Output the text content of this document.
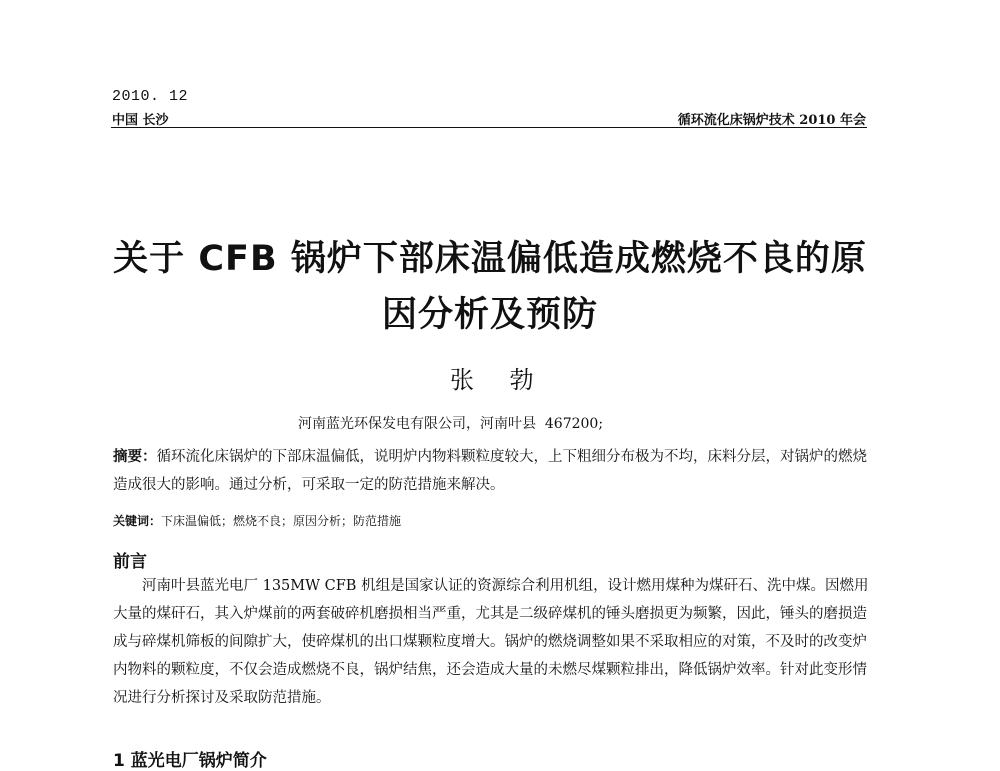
2010. 12
中国 长沙	循环流化床锅炉技术 2010 年会
关于 CFB 锅炉下部床温偏低造成燃烧不良的原
因分析及预防
张 勃
河南蓝光环保发电有限公司，河南叶县  467200;
摘要：循环流化床锅炉的下部床温偏低，说明炉内物料颗粒度较大，上下粗细分布极为不均，床料分层，对锅炉的燃烧造成很大的影响。通过分析，可采取一定的防范措施来解决。
关键词：下床温偏低；燃烧不良；原因分析；防范措施
前言
河南叶县蓝光电厂 135MW CFB 机组是国家认证的资源综合利用机组，设计燃用煤种为煤矸石、洗中煤。因燃用大量的煤矸石，其入炉煤前的两套破碎机磨损相当严重，尤其是二级碎煤机的锤头磨损更为频繁，因此，锤头的磨损造成与碎煤机筛板的间隙扩大，使碎煤机的出口煤颗粒度增大。锅炉的燃烧调整如果不采取相应的对策，不及时的改变炉内物料的颗粒度，不仅会造成燃烧不良，锅炉结焦，还会造成大量的未燃尽煤颗粒排出，降低锅炉效率。针对此变形情况进行分析探讨及采取防范措施。
1 蓝光电厂锅炉简介
